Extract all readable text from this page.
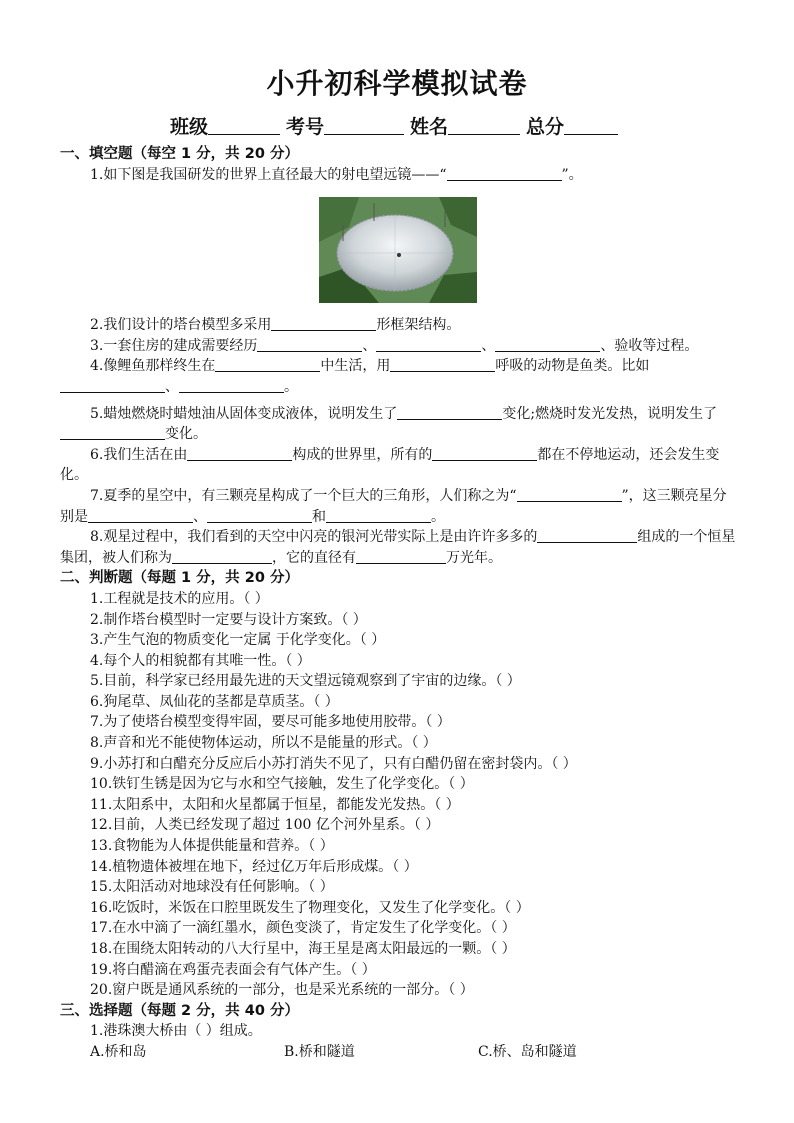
小升初科学模拟试卷
班级	考号	姓名	总分
一、填空题（每空 1 分，共 20 分）
1.如下图是我国研发的世界上直径最大的射电望远镜——“	”。
2.我们设计的塔台模型多采用	形框架结构。
3.一套住房的建成需要经历	、	、	、验收等过程。
4.像鲤鱼那样终生在	中生活，用	呼吸的动物是鱼类。比如
、	。
5.蜡烛燃烧时蜡烛油从固体变成液体，说明发生了	变化;燃烧时发光发热，说明发生了变化。
6.我们生活在由	构成的世界里，所有的	都在不停地运动，还会发生变化。
7.夏季的星空中，有三颗亮星构成了一个巨大的三角形，人们称之为“	”，这三颗亮星分别是	、	和	。
8.观星过程中，我们看到的天空中闪亮的银河光带实际上是由许许多多的	组成的一个恒星集团，被人们称为	，它的直径有	万光年。
二、判断题（每题 1 分，共 20 分）
1.工程就是技术的应用。（ ）
2.制作塔台模型时一定要与设计方案致。（ ）
3.产生气泡的物质变化一定属 于化学变化。（ ）
4.每个人的相貌都有其唯一性。（ ）
5.目前，科学家已经用最先进的天文望远镜观察到了宇宙的边缘。（ ）
6.狗尾草、凤仙花的茎都是草质茎。（ ）
7.为了使塔台模型变得牢固，要尽可能多地使用胶带。（ ）
8.声音和光不能使物体运动，所以不是能量的形式。（ ）
9.小苏打和白醋充分反应后小苏打消失不见了，只有白醋仍留在密封袋内。（ ）
10.铁钉生锈是因为它与水和空气接触，发生了化学变化。（ ）
11.太阳系中，太阳和火星都属于恒星，都能发光发热。（ ）
12.目前，人类已经发现了超过 100 亿个河外星系。（ ）
13.食物能为人体提供能量和营养。（ ）
14.植物遗体被埋在地下，经过亿万年后形成煤。（ ）
15.太阳活动对地球没有任何影响。（ ）
16.吃饭时，米饭在口腔里既发生了物理变化，又发生了化学变化。（ ）
17.在水中滴了一滴红墨水，颜色变淡了，肯定发生了化学变化。（ ）
18.在围绕太阳转动的八大行星中，海王星是离太阳最远的一颗。（ ）
19.将白醋滴在鸡蛋壳表面会有气体产生。（ ）
20.窗户既是通风系统的一部分，也是采光系统的一部分。（ ）
三、选择题（每题 2 分，共 40 分）
1.港珠澳大桥由（ ）组成。
A.桥和岛	B.桥和隧道	C.桥、岛和隧道
